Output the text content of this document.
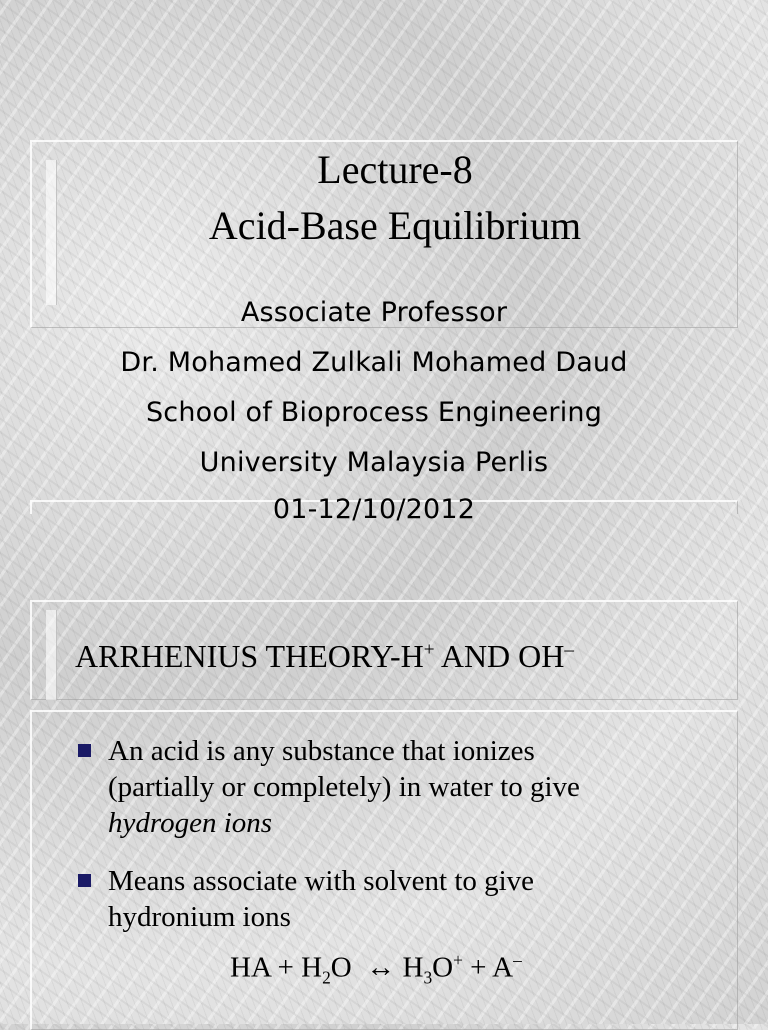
Lecture-8
Acid-Base Equilibrium
Associate Professor
Dr. Mohamed Zulkali Mohamed Daud
School of Bioprocess Engineering
University Malaysia Perlis
01-12/10/2012
ARRHENIUS THEORY-H+ AND OH–
An acid is any substance that ionizes
(partially or completely) in water to give
hydrogen ions
Means associate with solvent to give
hydronium ions
HA + $H_2O$ ↔ $H_3O^+ + A^-$
